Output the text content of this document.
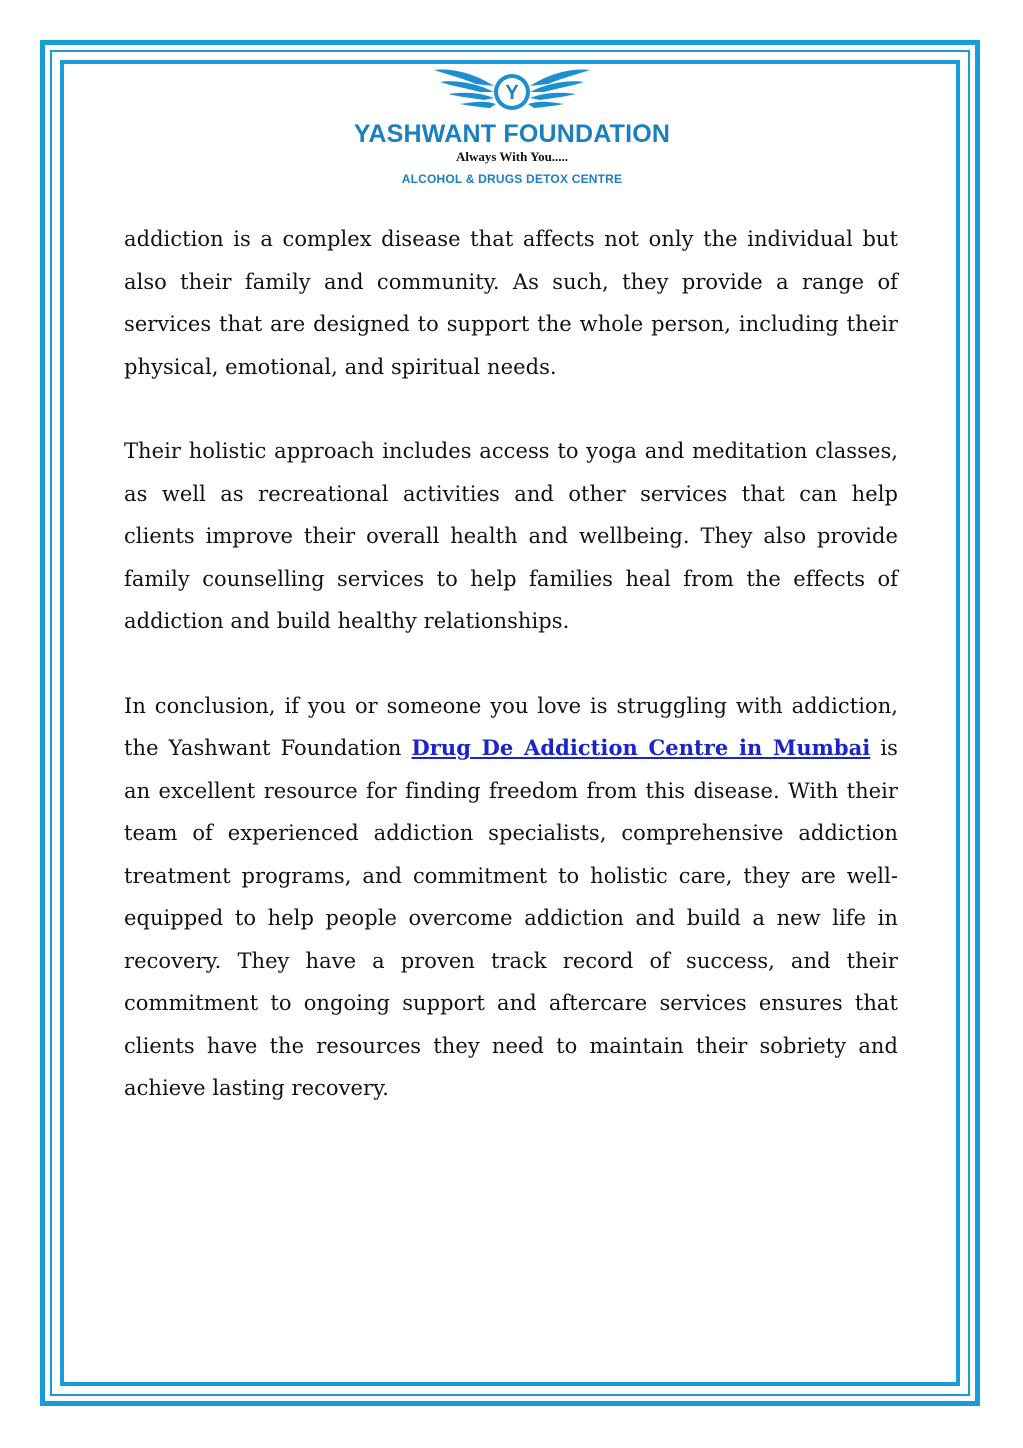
Y
YASHWANT FOUNDATION
Always With You.....
ALCOHOL & DRUGS DETOX CENTRE

addiction is a complex disease that affects not only the individual but also their family and community. As such, they provide a range of services that are designed to support the whole person, including their physical, emotional, and spiritual needs.

Their holistic approach includes access to yoga and meditation classes, as well as recreational activities and other services that can help clients improve their overall health and wellbeing. They also provide family counselling services to help families heal from the effects of addiction and build healthy relationships.

In conclusion, if you or someone you love is struggling with addiction, the Yashwant Foundation Drug De Addiction Centre in Mumbai is an excellent resource for finding freedom from this disease. With their team of experienced addiction specialists, comprehensive addiction treatment programs, and commitment to holistic care, they are well-equipped to help people overcome addiction and build a new life in recovery. They have a proven track record of success, and their commitment to ongoing support and aftercare services ensures that clients have the resources they need to maintain their sobriety and achieve lasting recovery.
